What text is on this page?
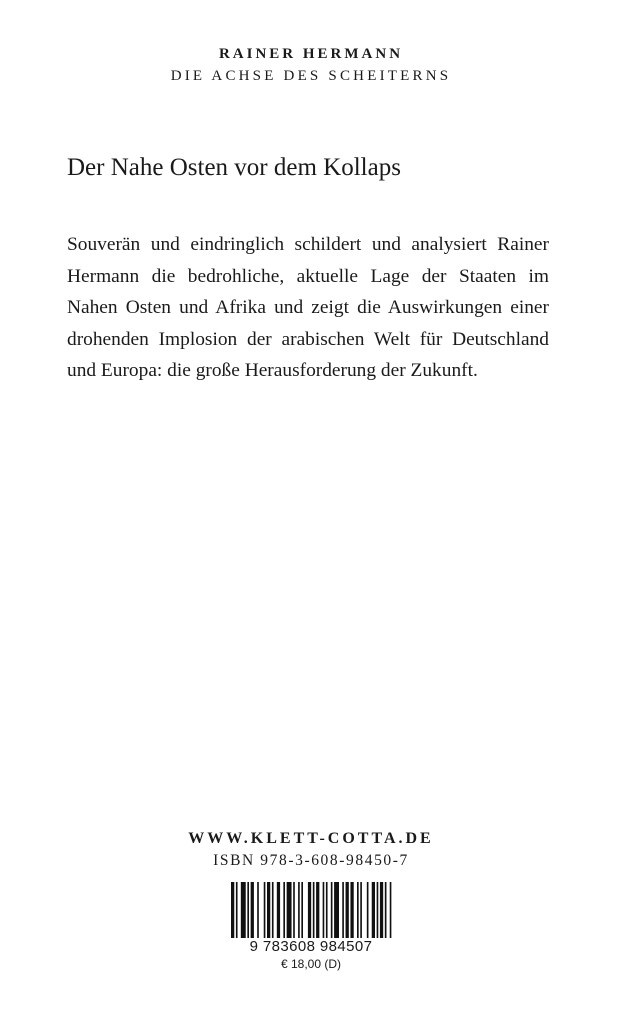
RAINER HERMANN
DIE ACHSE DES SCHEITERNS
Der Nahe Osten vor dem Kollaps

Souverän und eindringlich schildert und analysiert Rainer Hermann die bedrohliche, aktuelle Lage der Staaten im Nahen Osten und Afrika und zeigt die Auswirkungen einer drohenden Implosion der arabischen Welt für Deutschland und Europa: die große Herausforderung der Zukunft.

WWW.KLETT-COTTA.DE
ISBN 978-3-608-98450-7
9 783608 984507
€ 18,00 (D)
